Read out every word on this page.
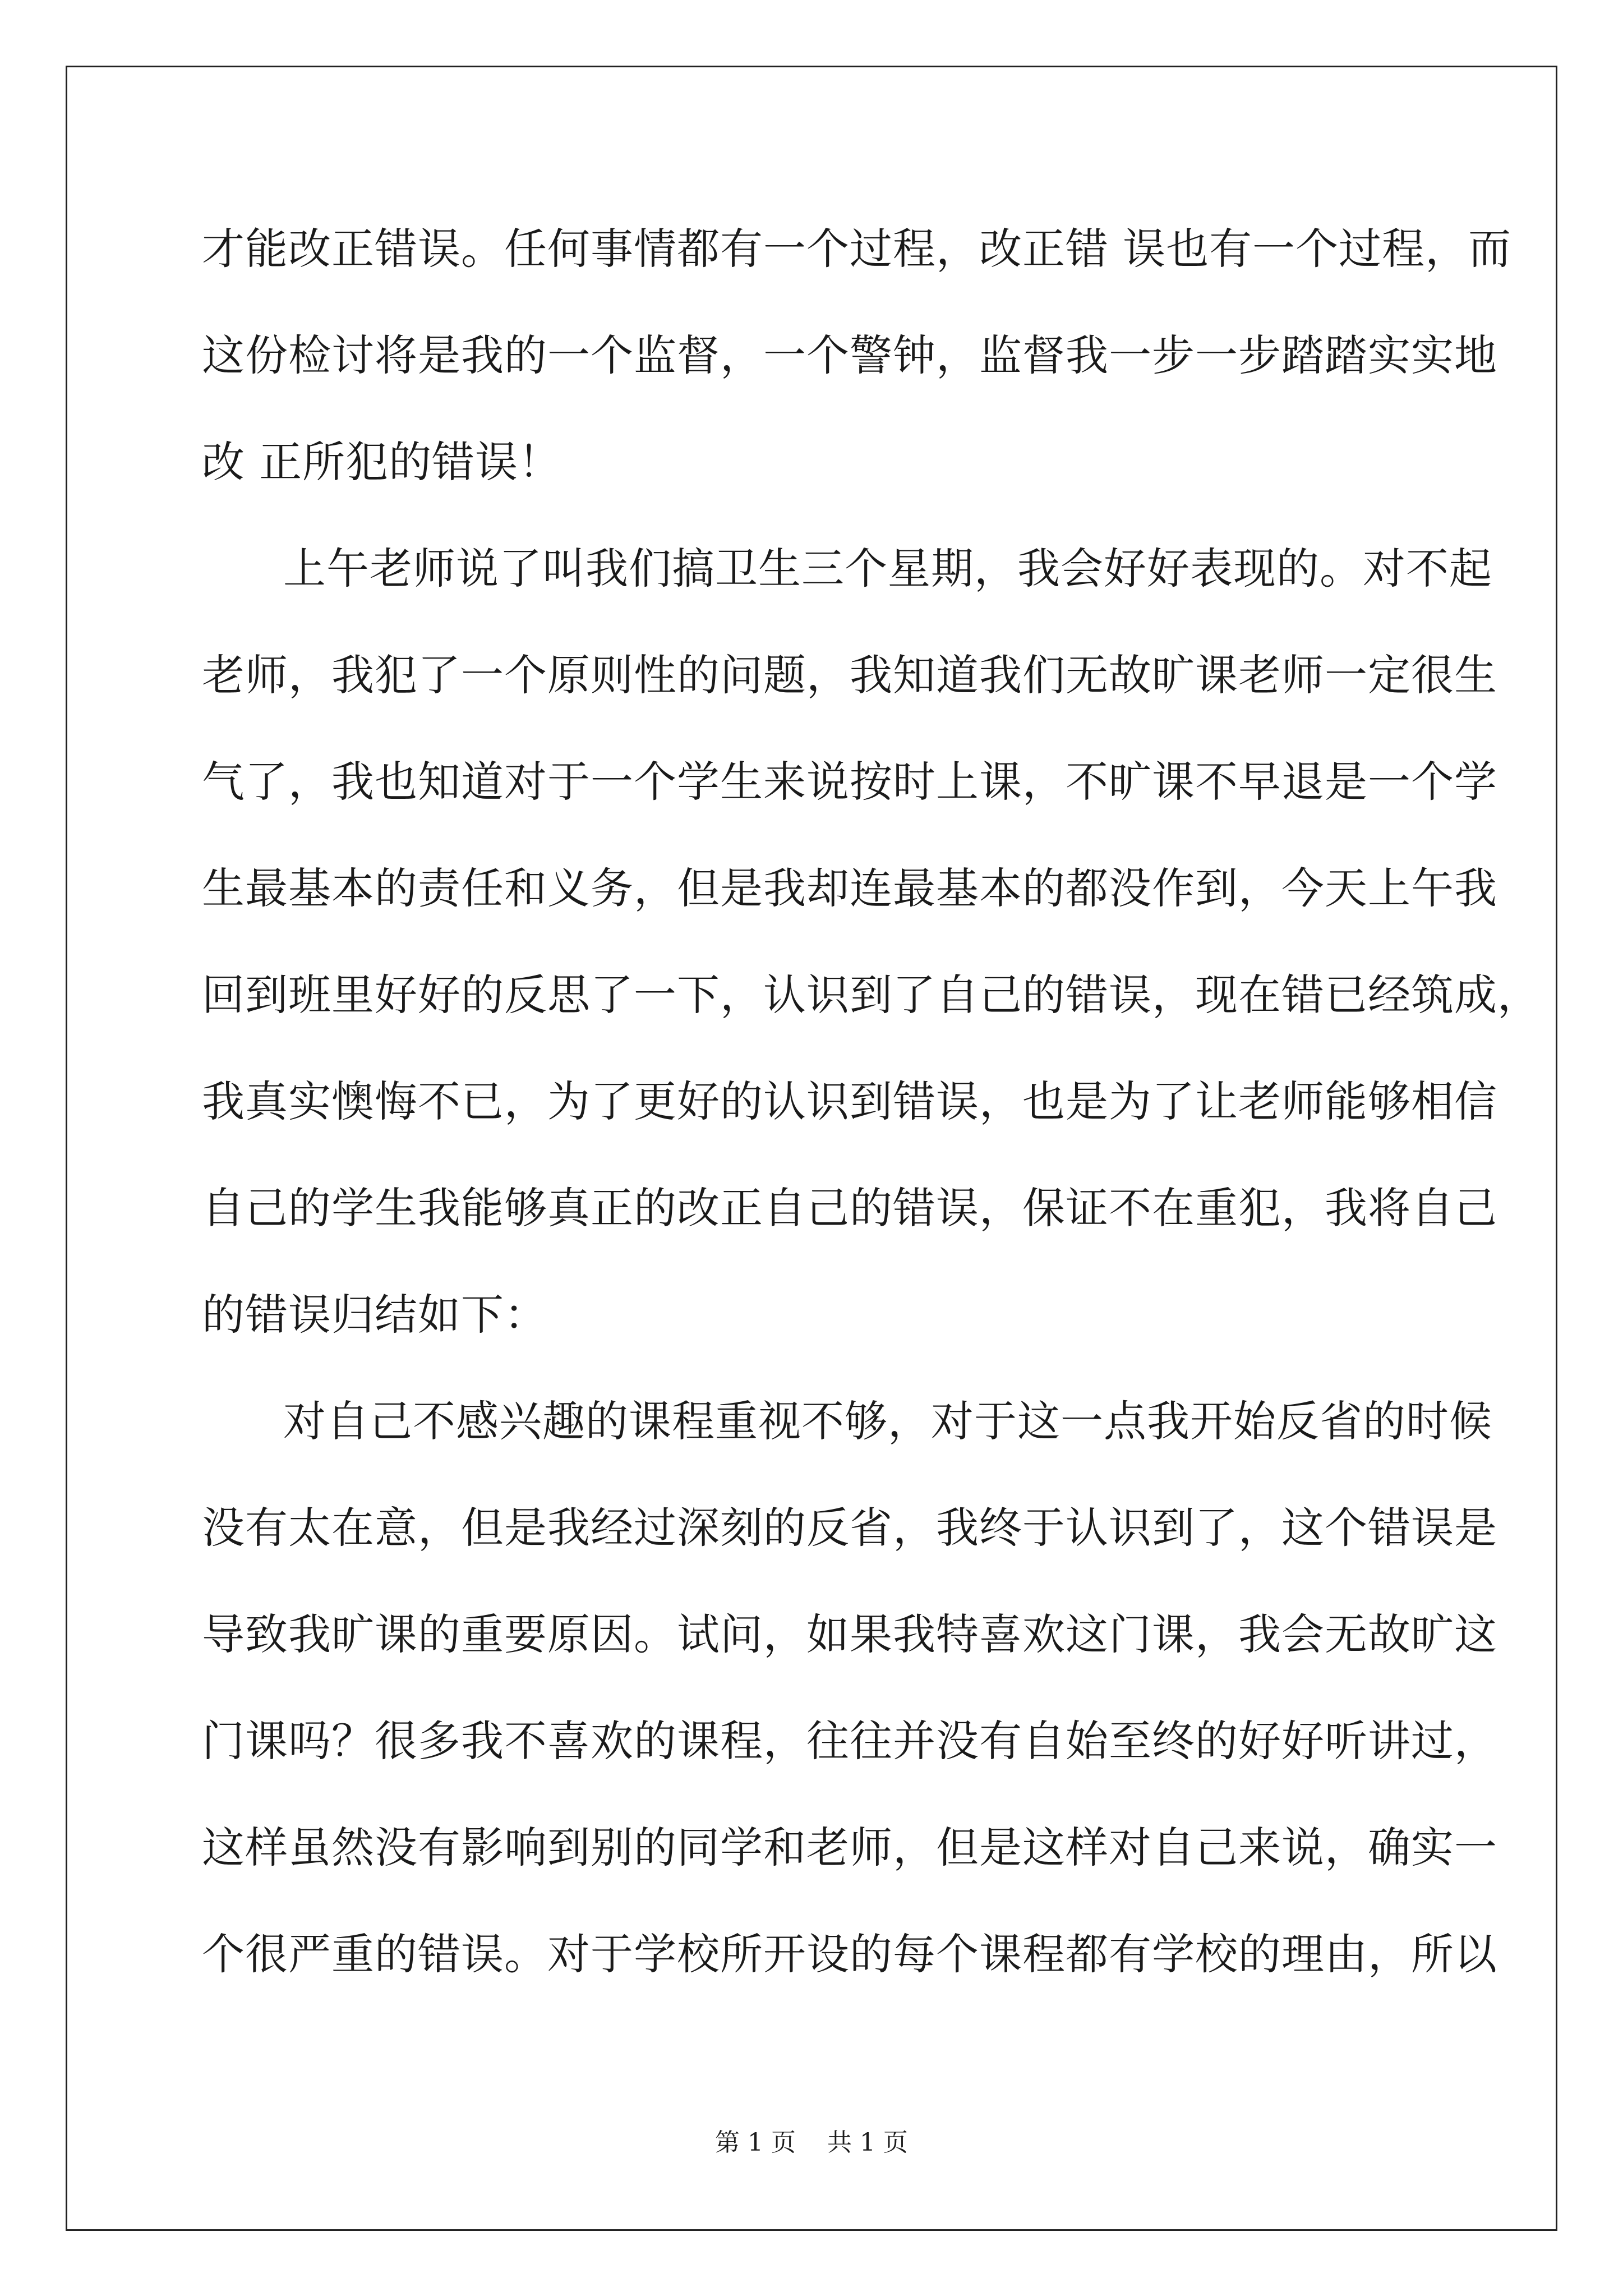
才能改正错误。任何事情都有一个过程，改正错 误也有一个过程，而
这份检讨将是我的一个监督，一个警钟，监督我一步一步踏踏实实地
改 正所犯的错误！
上午老师说了叫我们搞卫生三个星期，我会好好表现的。对不起
老师，我犯了一个原则性的问题，我知道我们无故旷课老师一定很生
气了，我也知道对于一个学生来说按时上课，不旷课不早退是一个学
生最基本的责任和义务，但是我却连最基本的都没作到，今天上午我
回到班里好好的反思了一下，认识到了自己的错误，现在错已经筑成，
我真实懊悔不已，为了更好的认识到错误，也是为了让老师能够相信
自己的学生我能够真正的改正自己的错误，保证不在重犯，我将自己
的错误归结如下：
对自己不感兴趣的课程重视不够，对于这一点我开始反省的时候
没有太在意，但是我经过深刻的反省，我终于认识到了，这个错误是
导致我旷课的重要原因。试问，如果我特喜欢这门课，我会无故旷这
门课吗？很多我不喜欢的课程，往往并没有自始至终的好好听讲过，
这样虽然没有影响到别的同学和老师，但是这样对自己来说，确实一
个很严重的错误。对于学校所开设的每个课程都有学校的理由，所以
第 1 页    共 1 页
